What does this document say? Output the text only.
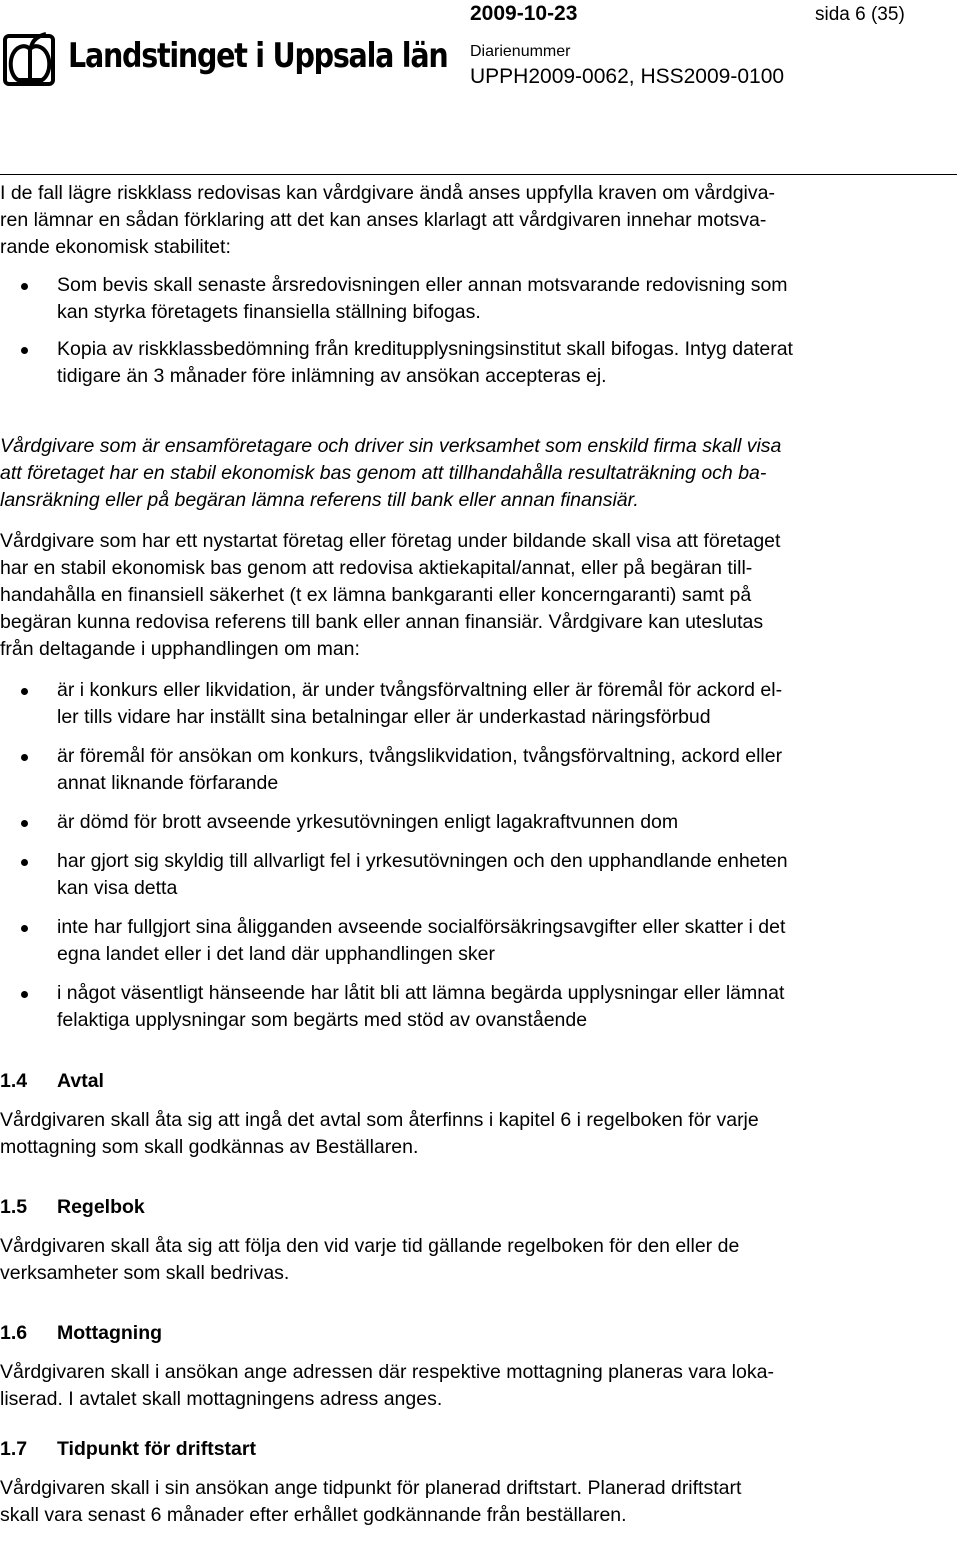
Landstinget i Uppsala län
2009-10-23	sida 6 (35)
Diarienummer
UPPH2009-0062, HSS2009-0100

I de fall lägre riskklass redovisas kan vårdgivare ändå anses uppfylla kraven om vårdgiva-
ren lämnar en sådan förklaring att det kan anses klarlagt att vårdgivaren innehar motsva-
rande ekonomisk stabilitet:

Som bevis skall senaste årsredovisningen eller annan motsvarande redovisning som
kan styrka företagets finansiella ställning bifogas.
Kopia av riskklassbedömning från kreditupplysningsinstitut skall bifogas. Intyg daterat
tidigare än 3 månader före inlämning av ansökan accepteras ej.

Vårdgivare som är ensamföretagare och driver sin verksamhet som enskild firma skall visa
att företaget har en stabil ekonomisk bas genom att tillhandahålla resultaträkning och ba-
lansräkning eller på begäran lämna referens till bank eller annan finansiär.

Vårdgivare som har ett nystartat företag eller företag under bildande skall visa att företaget
har en stabil ekonomisk bas genom att redovisa aktiekapital/annat, eller på begäran till-
handahålla en finansiell säkerhet (t ex lämna bankgaranti eller koncerngaranti) samt på
begäran kunna redovisa referens till bank eller annan finansiär. Vårdgivare kan uteslutas
från deltagande i upphandlingen om man:

är i konkurs eller likvidation, är under tvångsförvaltning eller är föremål för ackord el-
ler tills vidare har inställt sina betalningar eller är underkastad näringsförbud
är föremål för ansökan om konkurs, tvångslikvidation, tvångsförvaltning, ackord eller
annat liknande förfarande
är dömd för brott avseende yrkesutövningen enligt lagakraftvunnen dom
har gjort sig skyldig till allvarligt fel i yrkesutövningen och den upphandlande enheten
kan visa detta
inte har fullgjort sina åligganden avseende socialförsäkringsavgifter eller skatter i det
egna landet eller i det land där upphandlingen sker
i något väsentligt hänseende har låtit bli att lämna begärda upplysningar eller lämnat
felaktiga upplysningar som begärts med stöd av ovanstående
1.4 Avtal

Vårdgivaren skall åta sig att ingå det avtal som återfinns i kapitel 6 i regelboken för varje
mottagning som skall godkännas av Beställaren.

1.5 Regelbok

Vårdgivaren skall åta sig att följa den vid varje tid gällande regelboken för den eller de
verksamheter som skall bedrivas.

1.6 Mottagning

Vårdgivaren skall i ansökan ange adressen där respektive mottagning planeras vara loka-
liserad. I avtalet skall mottagningens adress anges.

1.7 Tidpunkt för driftstart

Vårdgivaren skall i sin ansökan ange tidpunkt för planerad driftstart. Planerad driftstart
skall vara senast 6 månader efter erhållet godkännande från beställaren.
